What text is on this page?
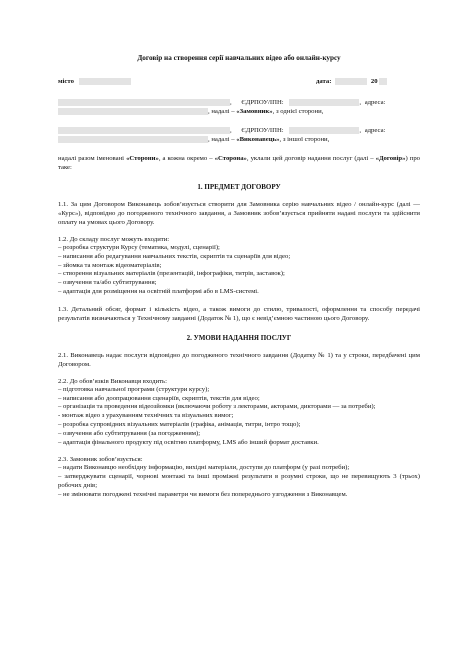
Договір на створення серії навчальних відео або онлайн-курсу
місто	дата:	20
, ЄДРПОУ/ІПН:	, адреса:
, надалі – «Замовник», з однієї сторони,
, ЄДРПОУ/ІПН:	, адреса:
, надалі – «Виконавець», з іншої сторони,

надалі разом іменовані «Сторони», а кожна окремо – «Сторона», уклали цей договір надання послуг (далі – «Договір») про таке:

1. ПРЕДМЕТ ДОГОВОРУ

1.1. За цим Договором Виконавець зобов’язується створити для Замовника серію навчальних відео / онлайн-курс (далі — «Курс»), відповідно до погодженого технічного завдання, а Замовник зобов’язується прийняти надані послуги та здійснити оплату на умовах цього Договору.

1.2. До складу послуг можуть входити:

– розробка структури Курсу (тематика, модулі, сценарії);
– написання або редагування навчальних текстів, скриптів та сценаріїв для відео;
– зйомка та монтаж відеоматеріалів;
– створення візуальних матеріалів (презентацій, інфографіки, титрів, заставок);
– озвучення та/або субтитрування;
– адаптація для розміщення на освітній платформі або в LMS-системі.

1.3. Детальний обсяг, формат і кількість відео, а також вимоги до стилю, тривалості, оформлення та способу передачі результатів визначаються у Технічному завданні (Додаток № 1), що є невід’ємною частиною цього Договору.

2. УМОВИ НАДАННЯ ПОСЛУГ

2.1. Виконавець надає послуги відповідно до погодженого технічного завдання (Додатку № 1) та у строки, передбачені цим Договором.

2.2. До обов’язків Виконавця входить:

– підготовка навчальної програми (структури курсу);
– написання або доопрацювання сценаріїв, скриптів, текстів для відео;
– організація та проведення відеозйомки (включаючи роботу з лекторами, акторами, дикторами — за потреби);
- монтаж відео з урахуванням технічних та візуальних вимог;
– розробка супровідних візуальних матеріалів (графіка, анімація, титри, інтро тощо);
– озвучення або субтитрування (за погодженням);
– адаптація фінального продукту під освітню платформу, LMS або інший формат доставки.

2.3. Замовник зобов’язується:

– надати Виконавцю необхідну інформацію, вихідні матеріали, доступи до платформ (у разі потреби);
– затверджувати сценарії, чорнові монтажі та інші проміжні результати в розумні строки, що не перевищують 3 (трьох) робочих днів;
– не змінювати погоджені технічні параметри чи вимоги без попереднього узгодження з Виконавцем.
